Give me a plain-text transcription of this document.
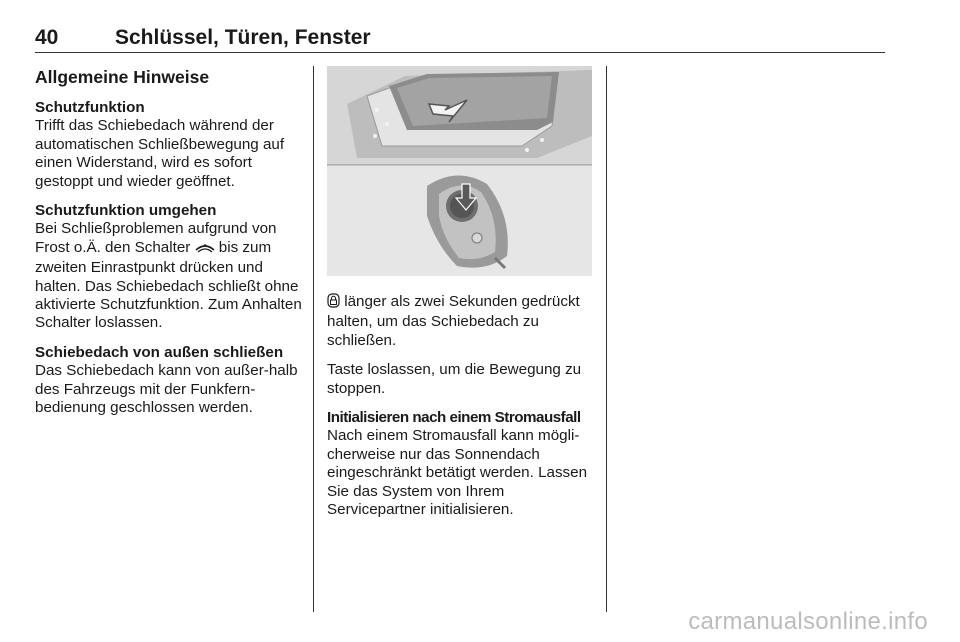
40	Schlüssel, Türen, Fenster
Allgemeine Hinweise

Schutzfunktion

Trifft das Schiebedach während der automatischen Schließbewegung auf einen Widerstand, wird es sofort gestoppt und wieder geöffnet.

Schutzfunktion umgehen

Bei Schließproblemen aufgrund von Frost o.Ä. den Schalter  bis zum zweiten Einrastpunkt drücken und halten. Das Schiebedach schließt ohne aktivierte Schutzfunktion. Zum Anhalten Schalter loslassen.

Schiebedach von außen schließen

Das Schiebedach kann von außer-halb des Fahrzeugs mit der Funkfern-bedienung geschlossen werden.

länger als zwei Sekunden gedrückt halten, um das Schiebedach zu schließen.

Taste loslassen, um die Bewegung zu stoppen.

Initialisieren nach einem Stromausfall

Nach einem Stromausfall kann mögli-cherweise nur das Sonnendach eingeschränkt betätigt werden. Lassen Sie das System von Ihrem Servicepartner initialisieren.

carmanualsonline.info
